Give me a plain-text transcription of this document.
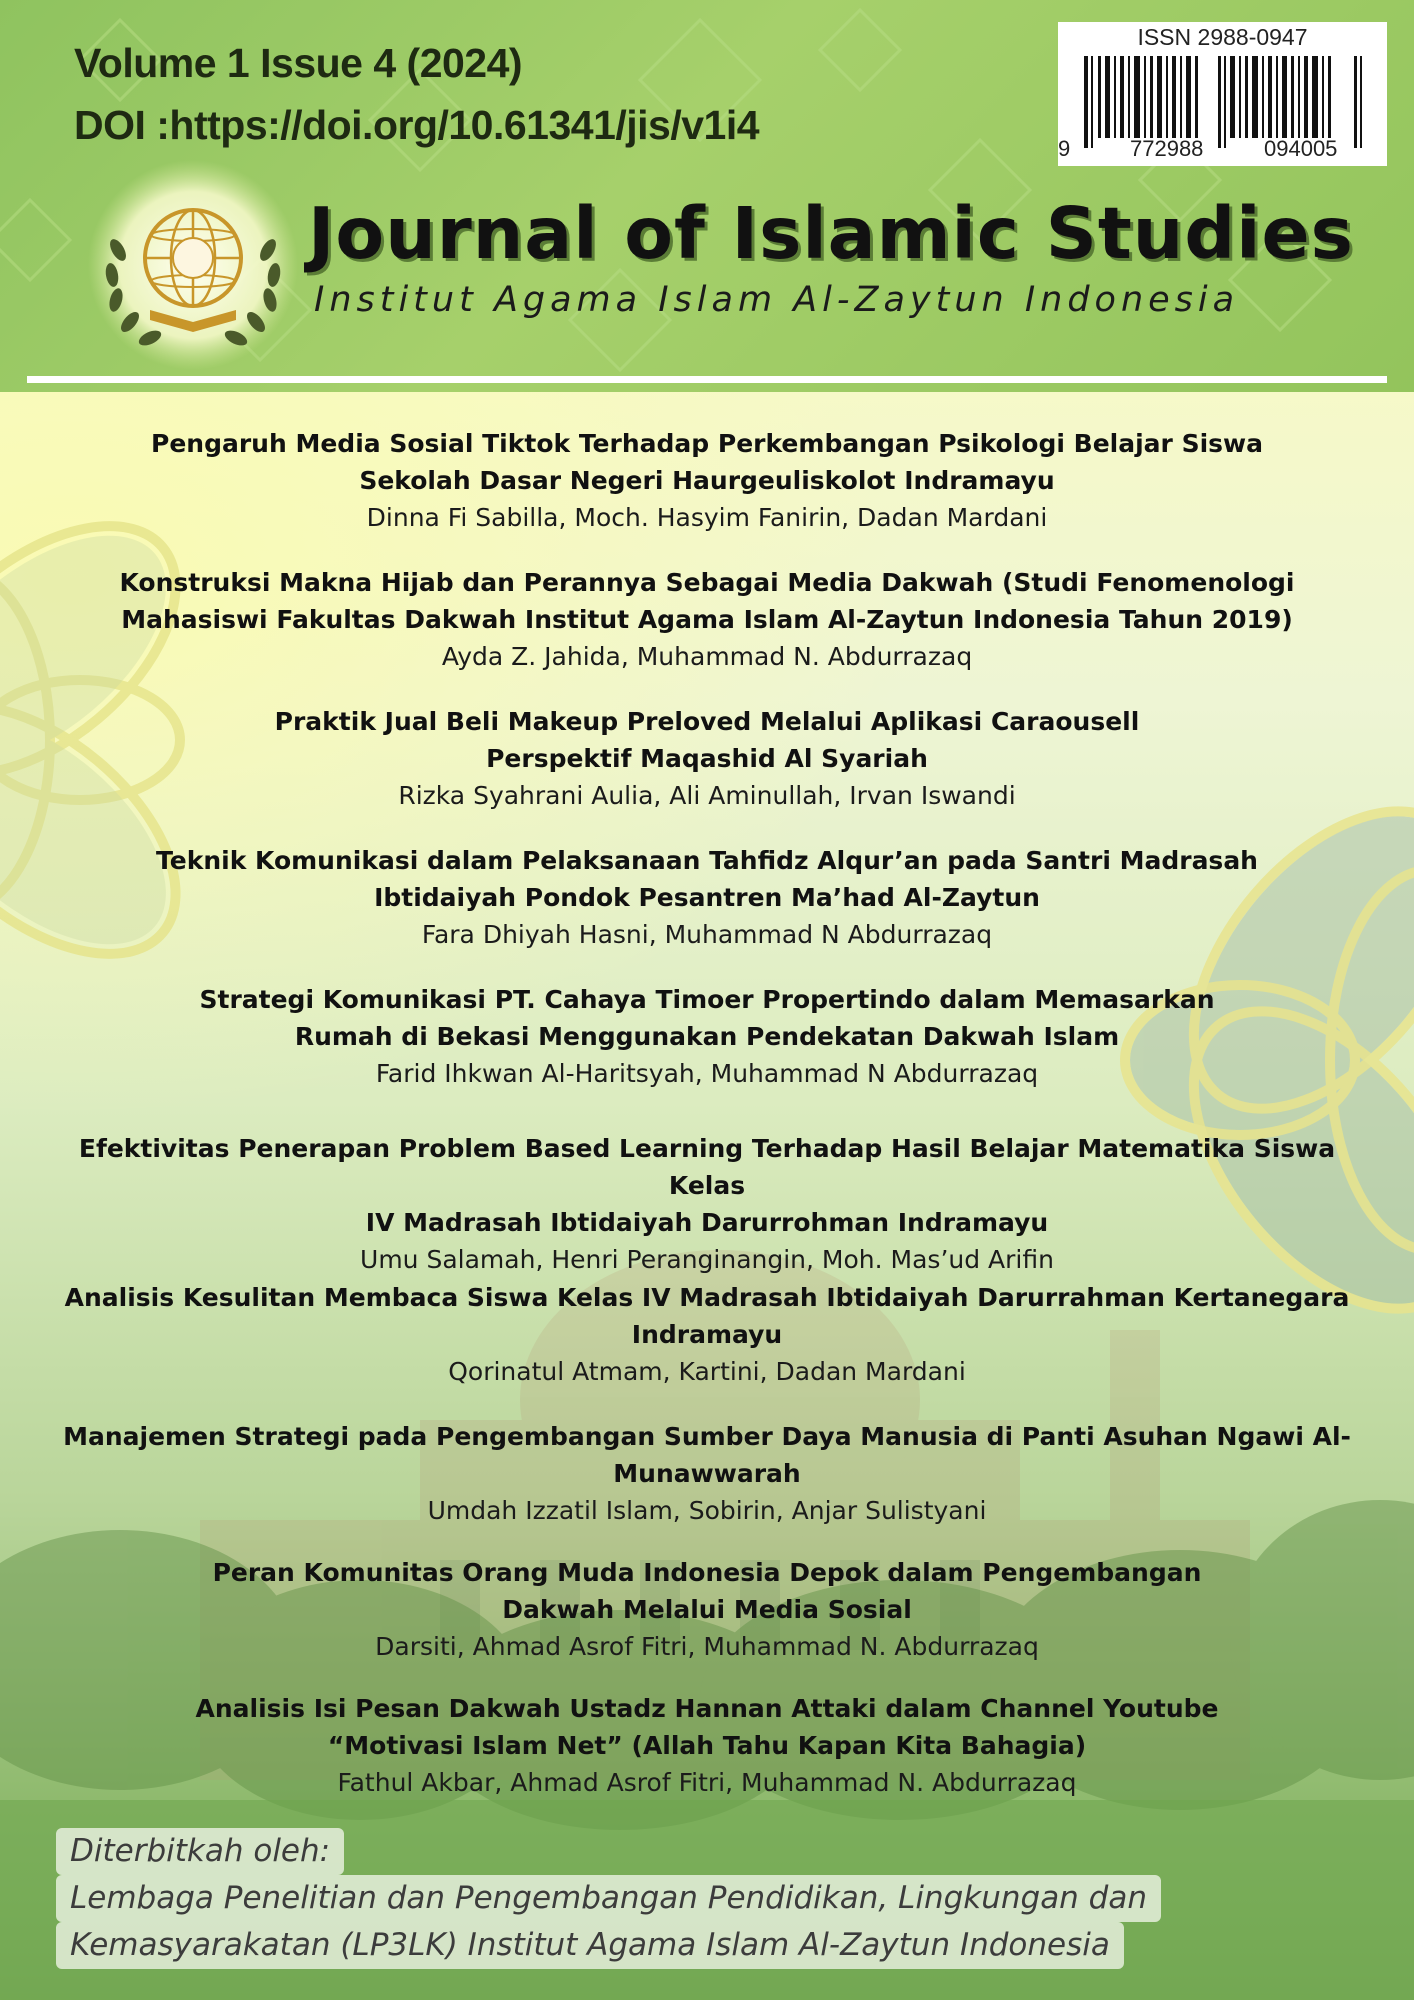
Volume 1 Issue 4 (2024)
DOI :https://doi.org/10.61341/jis/v1i4
ISSN 2988-0947
9	772988	094005
Journal of Islamic Studies
Institut Agama Islam Al-Zaytun Indonesia
Pengaruh Media Sosial Tiktok Terhadap Perkembangan Psikologi Belajar Siswa
Sekolah Dasar Negeri Haurgeuliskolot Indramayu
Dinna Fi Sabilla, Moch. Hasyim Fanirin, Dadan Mardani
Konstruksi Makna Hijab dan Perannya Sebagai Media Dakwah (Studi Fenomenologi
Mahasiswi Fakultas Dakwah Institut Agama Islam Al-Zaytun Indonesia Tahun 2019)
Ayda Z. Jahida, Muhammad N. Abdurrazaq
Praktik Jual Beli Makeup Preloved Melalui Aplikasi Caraousell
Perspektif Maqashid Al Syariah
Rizka Syahrani Aulia, Ali Aminullah, Irvan Iswandi
Teknik Komunikasi dalam Pelaksanaan Tahfidz Alqur’an pada Santri Madrasah
Ibtidaiyah Pondok Pesantren Ma’had Al-Zaytun
Fara Dhiyah Hasni, Muhammad N Abdurrazaq
Strategi Komunikasi PT. Cahaya Timoer Propertindo dalam Memasarkan
Rumah di Bekasi Menggunakan Pendekatan Dakwah Islam
Farid Ihkwan Al-Haritsyah, Muhammad N Abdurrazaq
Efektivitas Penerapan Problem Based Learning Terhadap Hasil Belajar Matematika Siswa Kelas
IV Madrasah Ibtidaiyah Darurrohman Indramayu
Umu Salamah, Henri Peranginangin, Moh. Mas’ud Arifin
Analisis Kesulitan Membaca Siswa Kelas IV Madrasah Ibtidaiyah Darurrahman Kertanegara
Indramayu
Qorinatul Atmam, Kartini, Dadan Mardani
Manajemen Strategi pada Pengembangan Sumber Daya Manusia di Panti Asuhan Ngawi Al-
Munawwarah
Umdah Izzatil Islam, Sobirin, Anjar Sulistyani
Peran Komunitas Orang Muda Indonesia Depok dalam Pengembangan
Dakwah Melalui Media Sosial
Darsiti, Ahmad Asrof Fitri, Muhammad N. Abdurrazaq
Analisis Isi Pesan Dakwah Ustadz Hannan Attaki dalam Channel Youtube
“Motivasi Islam Net” (Allah Tahu Kapan Kita Bahagia)
Fathul Akbar, Ahmad Asrof Fitri, Muhammad N. Abdurrazaq
Diterbitkah oleh:
Lembaga Penelitian dan Pengembangan Pendidikan, Lingkungan dan
Kemasyarakatan (LP3LK) Institut Agama Islam Al-Zaytun Indonesia
